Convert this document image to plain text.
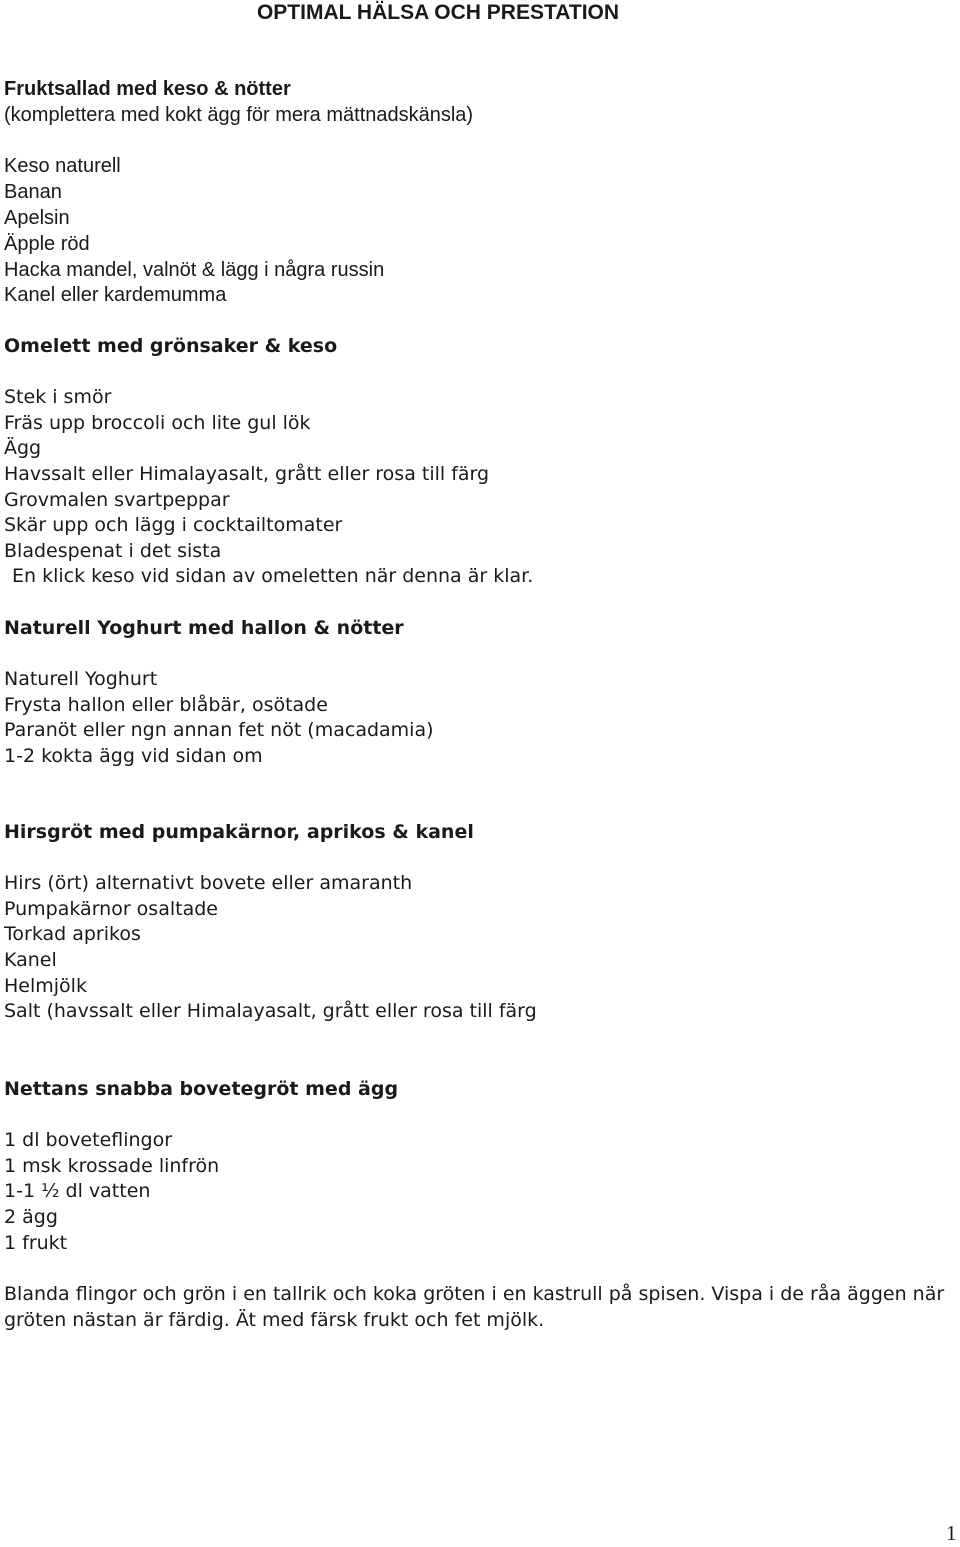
OPTIMAL HÄLSA OCH PRESTATION
Fruktsallad med keso & nötter
(komplettera med kokt ägg för mera mättnadskänsla)
Keso naturell
Banan
Apelsin
Äpple röd
Hacka mandel, valnöt & lägg i några russin
Kanel eller kardemumma
Omelett med grönsaker & keso
Stek i smör
Fräs upp broccoli och lite gul lök
Ägg
Havssalt eller Himalayasalt, grått eller rosa till färg
Grovmalen svartpeppar
Skär upp och lägg i cocktailtomater
Bladespenat i det sista
En klick keso vid sidan av omeletten när denna är klar.
Naturell Yoghurt med hallon & nötter
Naturell Yoghurt
Frysta hallon eller blåbär, osötade
Paranöt eller ngn annan fet nöt (macadamia)
1-2 kokta ägg vid sidan om
Hirsgröt med pumpakärnor, aprikos & kanel
Hirs (ört) alternativt bovete eller amaranth
Pumpakärnor osaltade
Torkad aprikos
Kanel
Helmjölk
Salt (havssalt eller Himalayasalt, grått eller rosa till färg
Nettans snabba bovetegröt med ägg
1 dl boveteflingor
1 msk krossade linfrön
1-1 ½ dl vatten
2 ägg
1 frukt
Blanda flingor och grön i en tallrik och koka gröten i en kastrull på spisen. Vispa i de råa äggen när gröten nästan är färdig. Ät med färsk frukt och fet mjölk.
1
